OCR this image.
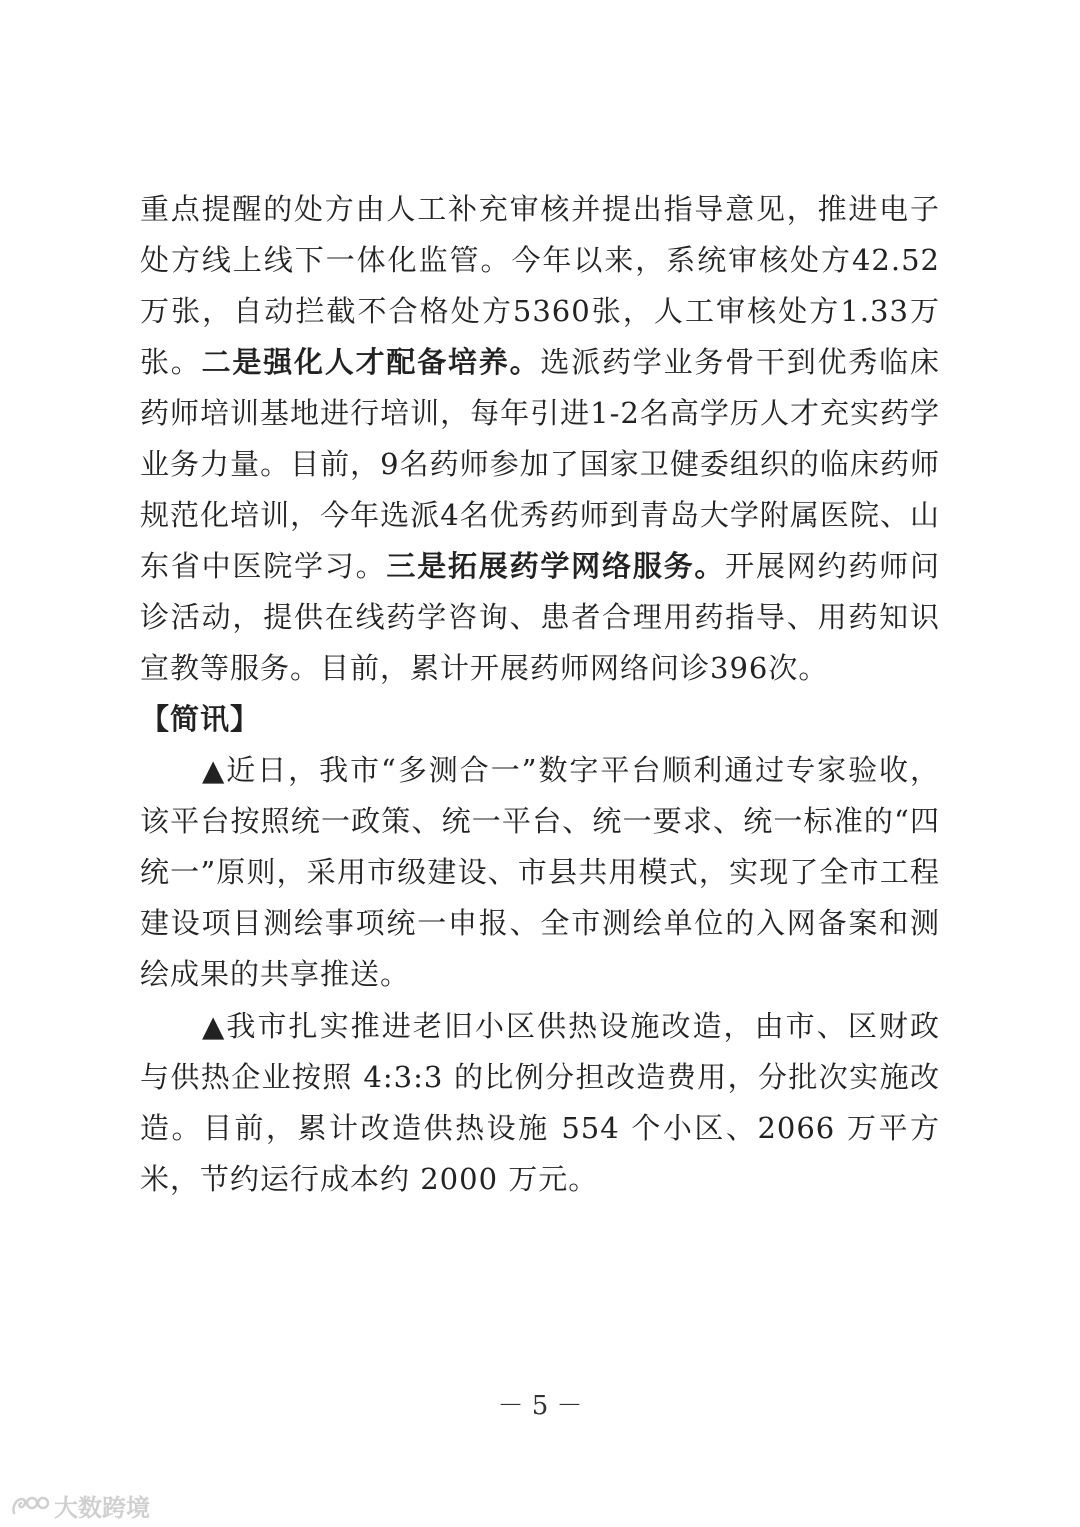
重点提醒的处方由人工补充审核并提出指导意见，推进电子处方线上线下一体化监管。今年以来，系统审核处方42.52万张，自动拦截不合格处方5360张，人工审核处方1.33万张。二是强化人才配备培养。选派药学业务骨干到优秀临床药师培训基地进行培训，每年引进1-2名高学历人才充实药学业务力量。目前，9名药师参加了国家卫健委组织的临床药师规范化培训，今年选派4名优秀药师到青岛大学附属医院、山东省中医院学习。三是拓展药学网络服务。开展网约药师问诊活动，提供在线药学咨询、患者合理用药指导、用药知识宣教等服务。目前，累计开展药师网络问诊396次。

【简讯】

▲近日，我市“多测合一”数字平台顺利通过专家验收，该平台按照统一政策、统一平台、统一要求、统一标准的“四统一”原则，采用市级建设、市县共用模式，实现了全市工程建设项目测绘事项统一申报、全市测绘单位的入网备案和测绘成果的共享推送。

▲我市扎实推进老旧小区供热设施改造，由市、区财政与供热企业按照 4:3:3 的比例分担改造费用，分批次实施改造。目前，累计改造供热设施 554 个小区、2066 万平方米，节约运行成本约 2000 万元。

－ 5 －
大数跨境
